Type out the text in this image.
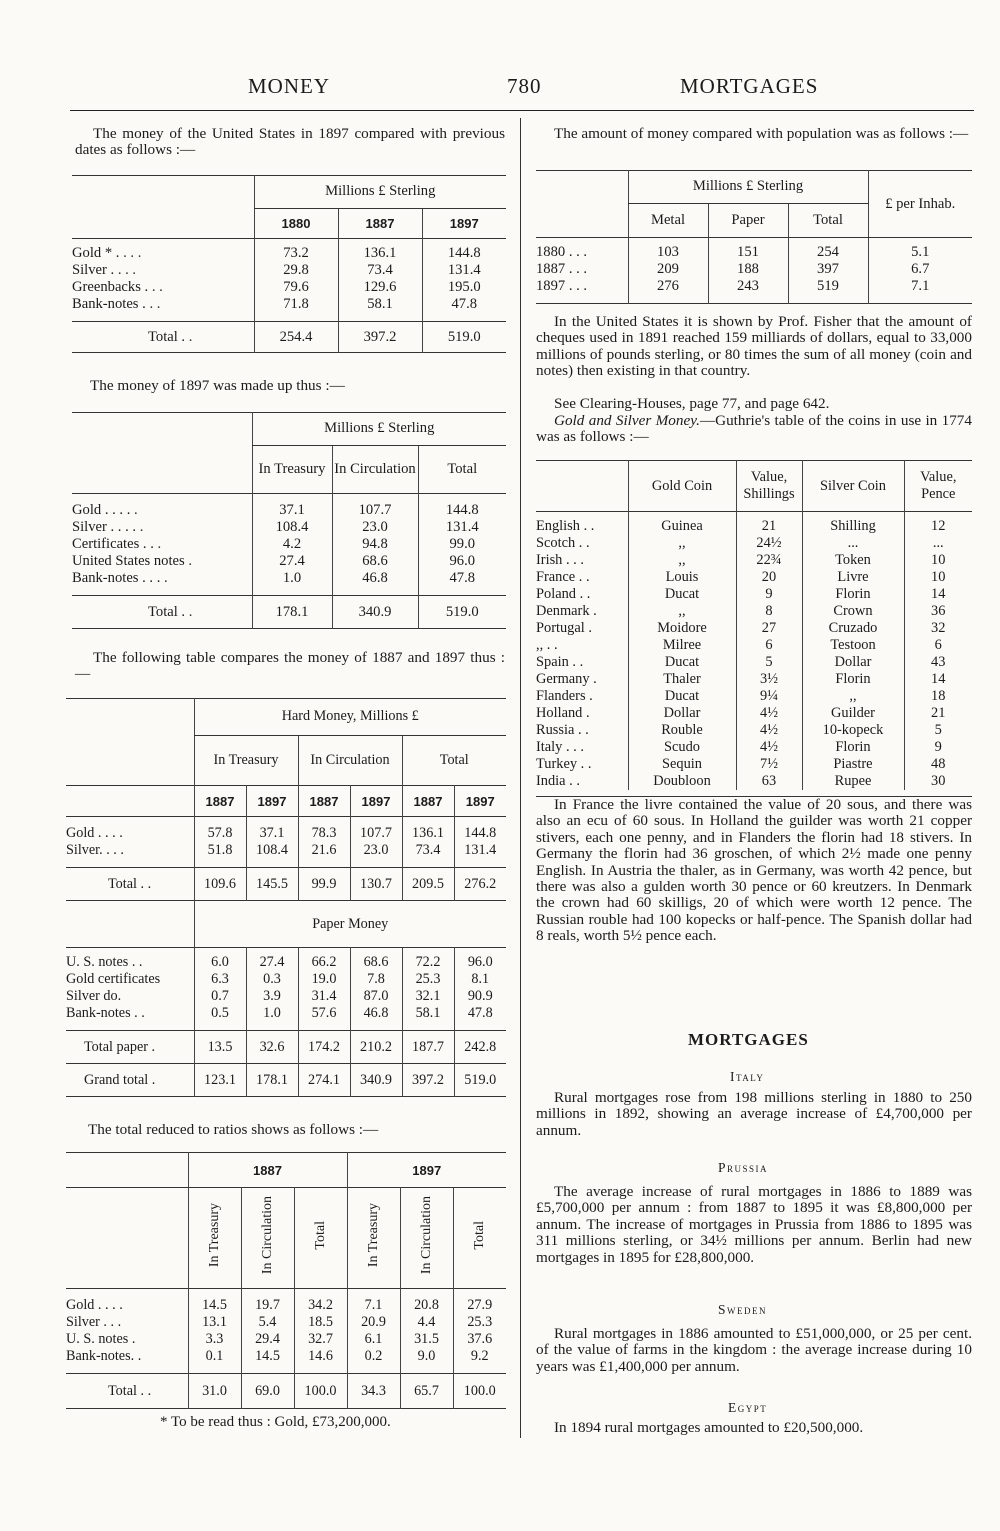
MONEY	780	MORTGAGES
The money of the United States in 1897 compared with previous dates as follows :—
	Millions £ Sterling		
	1880	1887	1897

Gold * . . . .	73.2	136.1	144.8
Silver . . . .	29.8	73.4	131.4
Greenbacks . . .	79.6	129.6	195.0
Bank-notes . . .	71.8	58.1	47.8

Total . .	254.4	397.2	519.0
The money of 1897 was made up thus :—
	Millions £ Sterling		
	In Treasury	In Circulation	Total

Gold . . . . .	37.1	107.7	144.8
Silver . . . . .	108.4	23.0	131.4
Certificates . . .	4.2	94.8	99.0
United States notes .	27.4	68.6	96.0
Bank-notes . . . .	1.0	46.8	47.8

Total . .	178.1	340.9	519.0
The following table compares the money of 1887 and 1897 thus :—
	Hard Money, Millions £					
	In Treasury		In Circulation		Total	
	1887	1897	1887	1897	1887	1897

Gold . . . .	57.8	37.1	78.3	107.7	136.1	144.8
Silver. . . .	51.8	108.4	21.6	23.0	73.4	131.4

Total . .	109.6	145.5	99.9	130.7	209.5	276.2
	Paper Money					

U. S. notes . .	6.0	27.4	66.2	68.6	72.2	96.0
Gold certificates	6.3	0.3	19.0	7.8	25.3	8.1
Silver do.	0.7	3.9	31.4	87.0	32.1	90.9
Bank-notes . .	0.5	1.0	57.6	46.8	58.1	47.8

Total paper .	13.5	32.6	174.2	210.2	187.7	242.8
Grand total .	123.1	178.1	274.1	340.9	397.2	519.0
The total reduced to ratios shows as follows :—
	1887			1897		
	In Treasury	In Circulation	Total	In Treasury	In Circulation	Total

Gold . . . .	14.5	19.7	34.2	7.1	20.8	27.9
Silver . . .	13.1	5.4	18.5	20.9	4.4	25.3
U. S. notes .	3.3	29.4	32.7	6.1	31.5	37.6
Bank-notes. .	0.1	14.5	14.6	0.2	9.0	9.2

Total . .	31.0	69.0	100.0	34.3	65.7	100.0
* To be read thus : Gold, £73,200,000.
The amount of money compared with population was as follows :—
	Millions £ Sterling			£ per Inhab.
	Metal	Paper	Total	

1880 . . .	103	151	254	5.1
1887 . . .	209	188	397	6.7
1897 . . .	276	243	519	7.1

In the United States it is shown by Prof. Fisher that the amount of cheques used in 1891 reached 159 milliards of dollars, equal to 33,000 millions of pounds sterling, or 80 times the sum of all money (coin and notes) then existing in that country.
See Clearing-Houses, page 77, and page 642.
Gold and Silver Money.—Guthrie's table of the coins in use in 1774 was as follows :—
	Gold Coin	Value, Shillings	Silver Coin	Value, Pence

English . .	Guinea	21	Shilling	12
Scotch . .	,,	24½	...	...
Irish . . .	,,	22¾	Token	10
France . .	Louis	20	Livre	10
Poland . .	Ducat	9	Florin	14
Denmark .	,,	8	Crown	36
Portugal .	Moidore	27	Cruzado	32
,, . .	Milree	6	Testoon	6
Spain . .	Ducat	5	Dollar	43
Germany .	Thaler	3½	Florin	14
Flanders .	Ducat	9¼	,,	18
Holland .	Dollar	4½	Guilder	21
Russia . .	Rouble	4½	10-kopeck	5
Italy . . .	Scudo	4½	Florin	9
Turkey . .	Sequin	7½	Piastre	48
India . .	Doubloon	63	Rupee	30
In France the livre contained the value of 20 sous, and there was also an ecu of 60 sous. In Holland the guilder was worth 21 copper stivers, each one penny, and in Flanders the florin had 18 stivers. In Germany the florin had 36 groschen, of which 2½ made one penny English. In Austria the thaler, as in Germany, was worth 42 pence, but there was also a gulden worth 30 pence or 60 kreutzers. In Denmark the crown had 60 skilligs, 20 of which were worth 12 pence. The Russian rouble had 100 kopecks or half-pence. The Spanish dollar had 8 reals, worth 5½ pence each.
MORTGAGES
Italy
Rural mortgages rose from 198 millions sterling in 1880 to 250 millions in 1892, showing an average increase of £4,700,000 per annum.
Prussia
The average increase of rural mortgages in 1886 to 1889 was £5,700,000 per annum : from 1887 to 1895 it was £8,800,000 per annum. The increase of mortgages in Prussia from 1886 to 1895 was 311 millions sterling, or 34½ millions per annum. Berlin had new mortgages in 1895 for £28,800,000.
Sweden
Rural mortgages in 1886 amounted to £51,000,000, or 25 per cent. of the value of farms in the kingdom : the average increase during 10 years was £1,400,000 per annum.
Egypt
In 1894 rural mortgages amounted to £20,500,000.
